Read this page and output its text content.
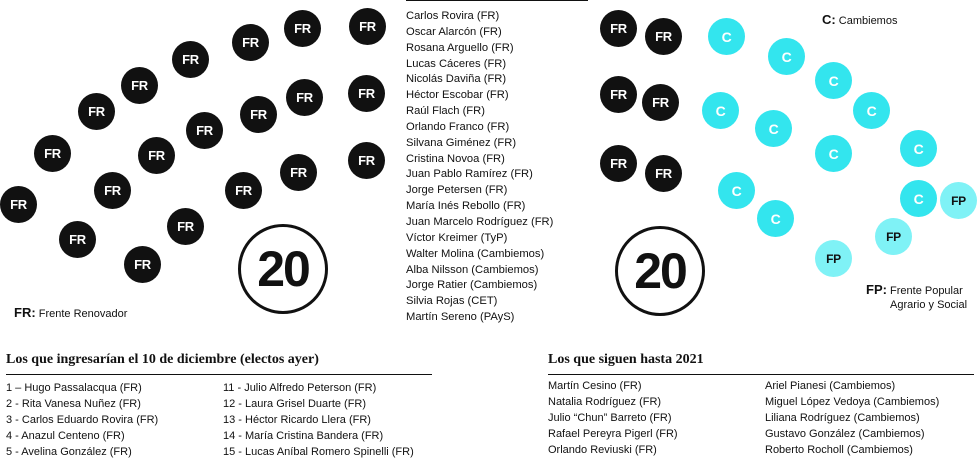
FR
FR
FR
FR
FR
FR
FR
FR
FR
FR
FR
FR
FR
FR
FR
FR
FR
FR
FR
FR
20
FR: Frente Renovador
Carlos Rovira (FR)
Oscar Alarcón (FR)
Rosana Arguello (FR)
Lucas Cáceres (FR)
Nicolás Daviña (FR)
Héctor Escobar (FR)
Raúl Flach (FR)
Orlando Franco (FR)
Silvana Giménez (FR)
Cristina Novoa (FR)
Juan Pablo Ramírez (FR)
Jorge Petersen (FR)
María Inés Rebollo (FR)
Juan Marcelo Rodríguez (FR)
Víctor Kreimer (TyP)
Walter Molina (Cambiemos)
Alba Nilsson (Cambiemos)
Jorge Ratier (Cambiemos)
Silvia Rojas (CET)
Martín Sereno (PAyS)
FR
FR
FR
FR
FR
FR
C
C
C
C
C
C
C	C
C
C
C	FP
FP
FP
20
C: Cambiemos
FP: Frente Popular
Agrario y Social
Los que ingresarían el 10 de diciembre (electos ayer)
1 – Hugo Passalacqua (FR)
2 - Rita Vanesa Nuñez (FR)
3 - Carlos Eduardo Rovira (FR)
4 - Anazul Centeno (FR)
5 - Avelina González (FR)
11 - Julio Alfredo Peterson (FR)
12 - Laura Grisel Duarte (FR)
13 - Héctor Ricardo Llera (FR)
14 - María Cristina Bandera (FR)
15 - Lucas Aníbal Romero Spinelli (FR)
Los que siguen hasta 2021
Martín Cesino (FR)
Natalia Rodríguez (FR)
Julio “Chun” Barreto (FR)
Rafael Pereyra Pigerl (FR)
Orlando Reviuski (FR)
Ariel Pianesi (Cambiemos)
Miguel López Vedoya (Cambiemos)
Liliana Rodríguez (Cambiemos)
Gustavo González (Cambiemos)
Roberto Rocholl (Cambiemos)
